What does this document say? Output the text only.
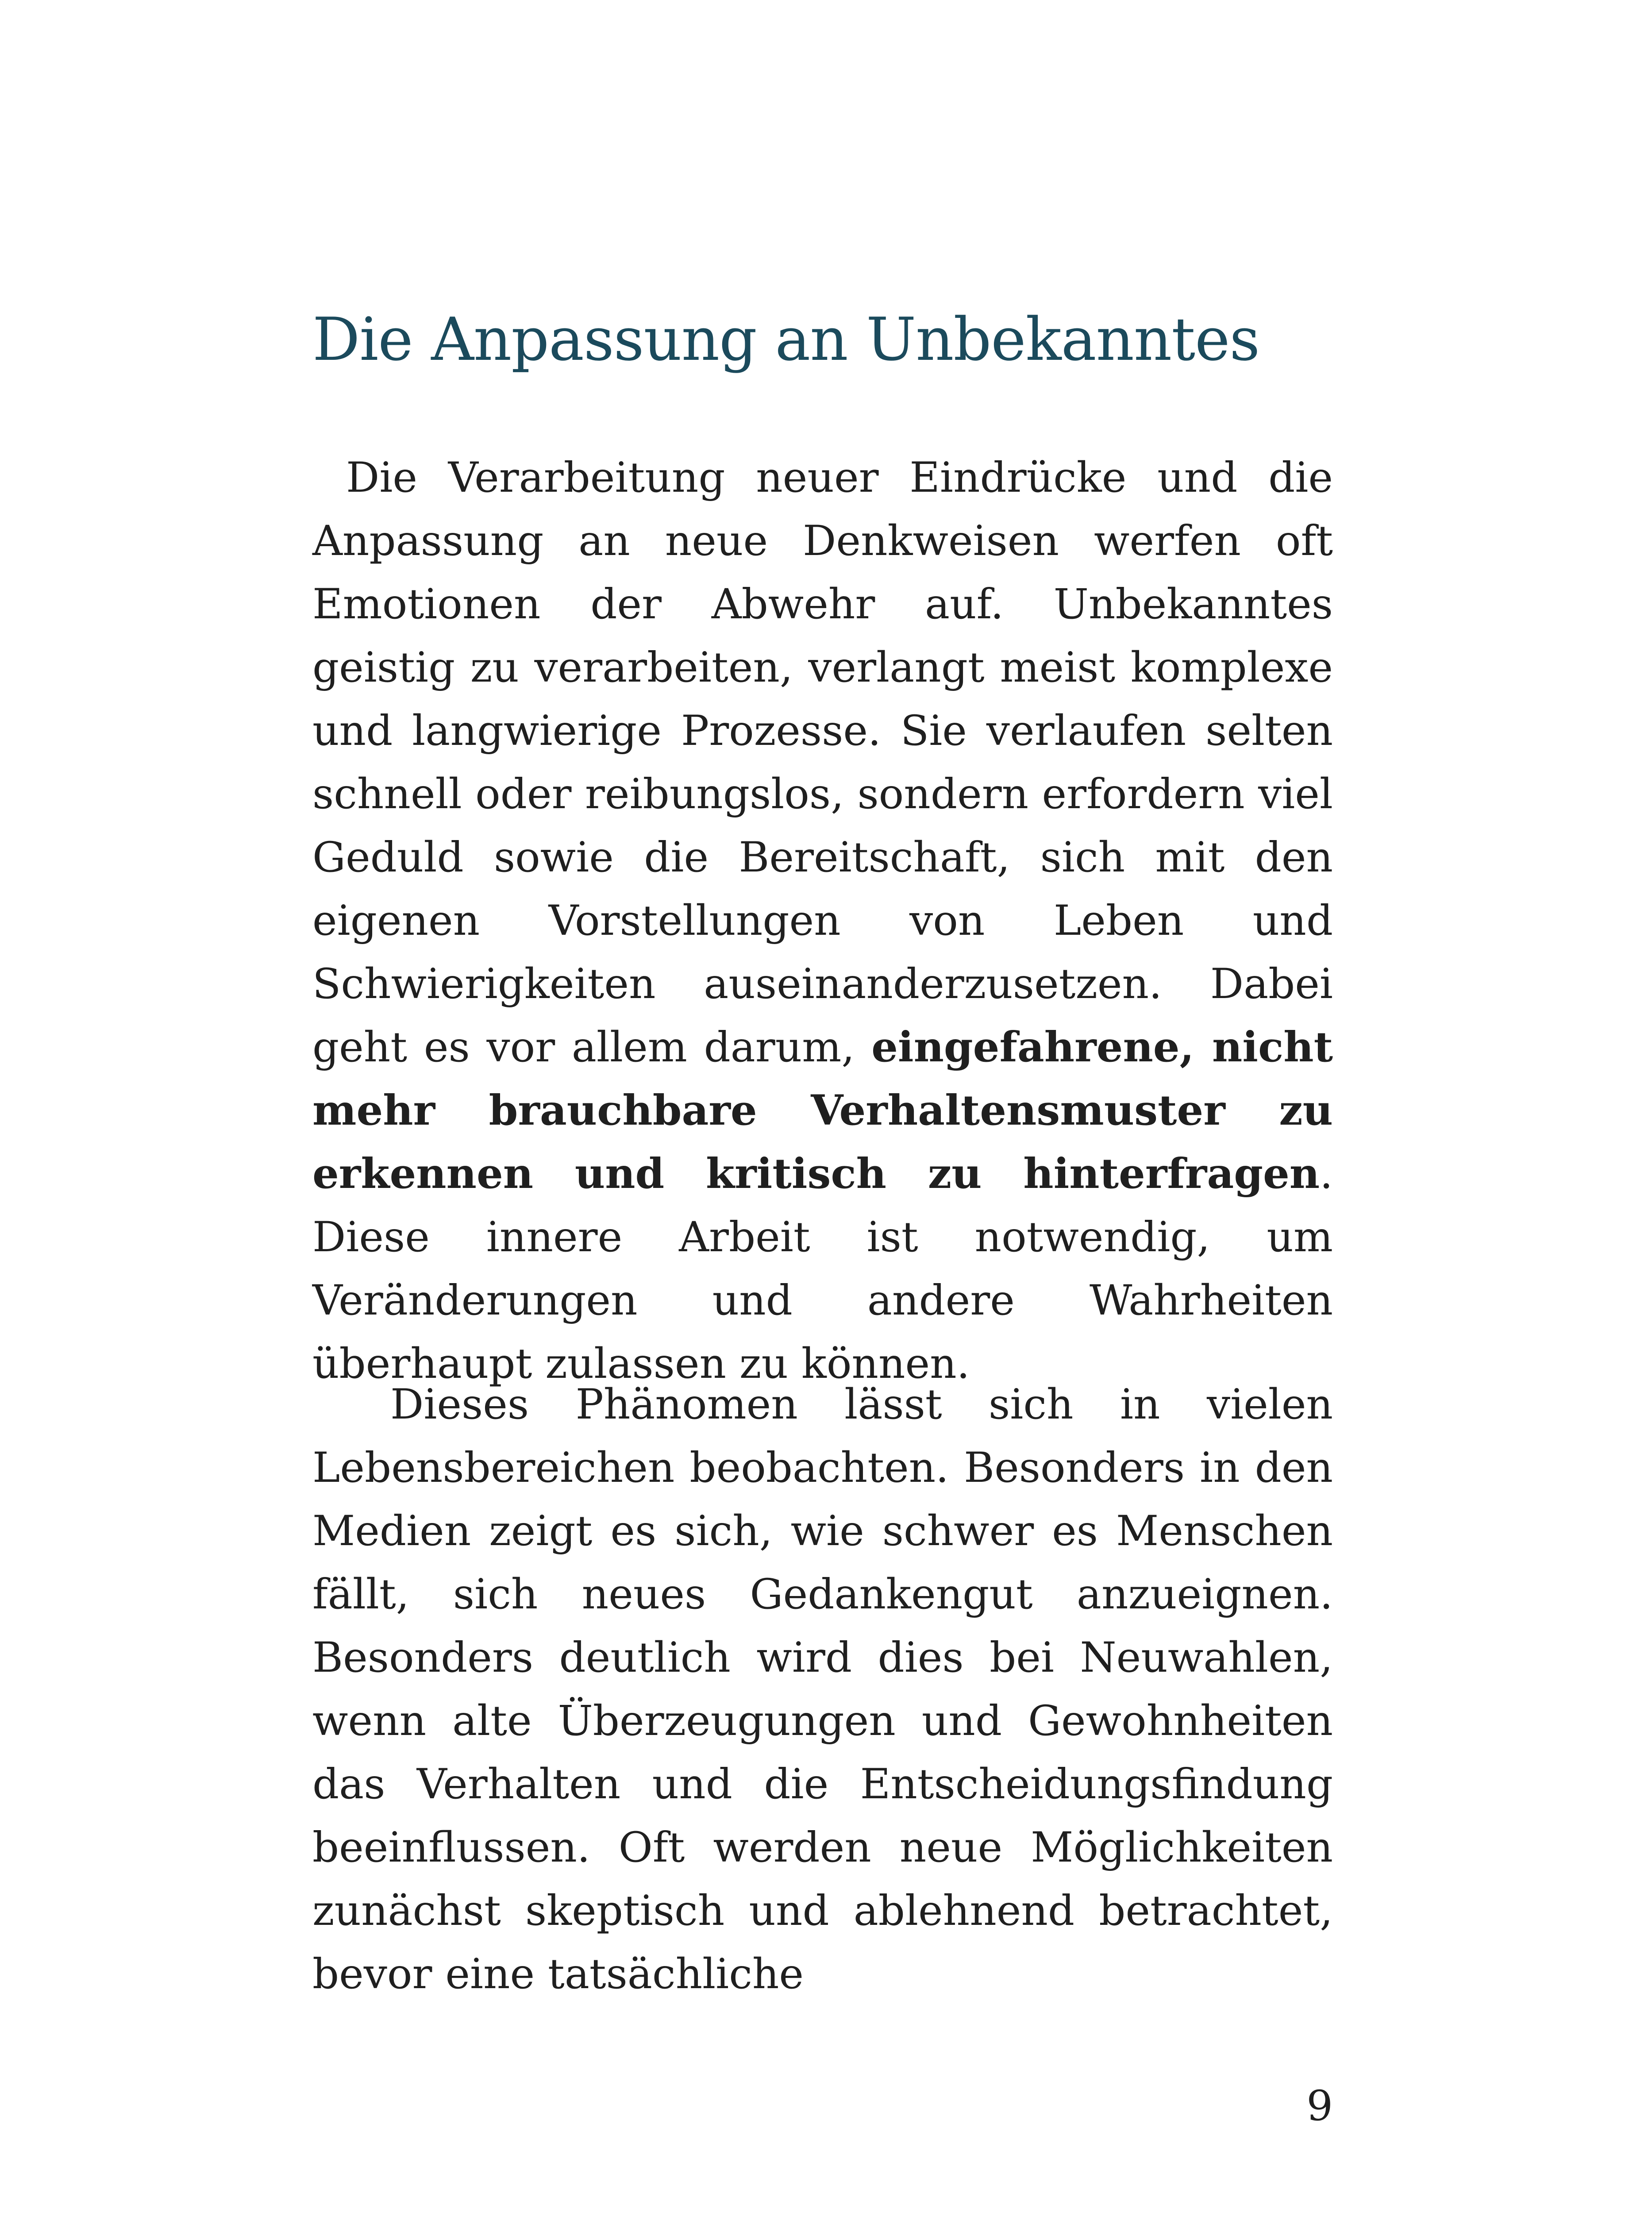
Die Anpassung an Unbekanntes

Die Verarbeitung neuer Eindrücke und die Anpassung an neue Denkweisen werfen oft Emotionen der Abwehr auf. Unbekanntes geistig zu verarbeiten, verlangt meist komplexe und langwierige Prozesse. Sie verlaufen selten schnell oder reibungslos, sondern erfordern viel Geduld sowie die Bereitschaft, sich mit den eigenen Vorstellungen von Leben und Schwierigkeiten auseinanderzusetzen. Dabei geht es vor allem darum, eingefahrene, nicht mehr brauchbare Verhaltensmuster zu erkennen und kritisch zu hinterfragen. Diese innere Arbeit ist notwendig, um Veränderungen und andere Wahrheiten überhaupt zulassen zu können.

Dieses Phänomen lässt sich in vielen Lebensbereichen beobachten. Besonders in den Medien zeigt es sich, wie schwer es Menschen fällt, sich neues Gedankengut anzueignen. Besonders deutlich wird dies bei Neuwahlen, wenn alte Überzeugungen und Gewohnheiten das Verhalten und die Entscheidungsfindung beeinflussen. Oft werden neue Möglichkeiten zunächst skeptisch und ablehnend betrachtet, bevor eine tatsächliche

9
